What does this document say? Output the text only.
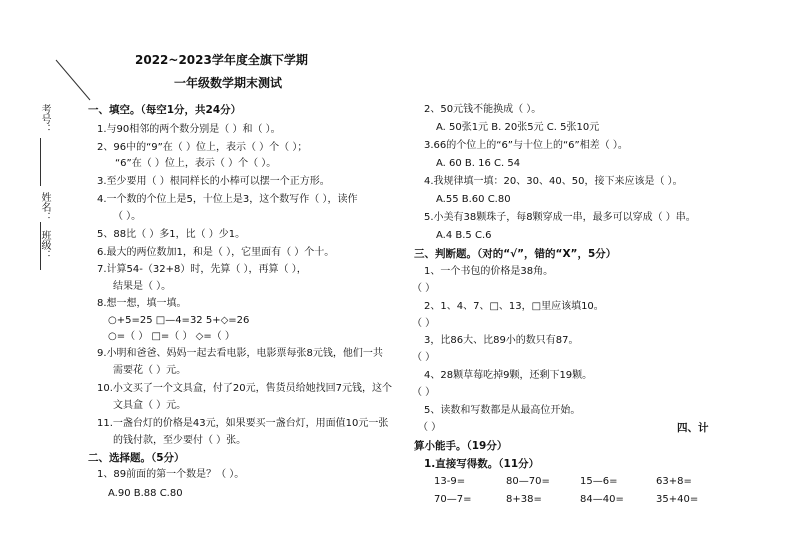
考号：
姓名：
班级：
2022~2023学年度全旗下学期
一年级数学期末测试
一、填空。（每空1分，共24分）
1.与90相邻的两个数分别是（ ）和（ ）。
2、96中的“9”在（ ）位上，表示（ ）个（ ）；
“6”在（ ）位上，表示（ ）个（ ）。
3.至少要用（ ）根同样长的小棒可以摆一个正方形。
4.一个数的个位上是5，十位上是3，这个数写作（ ），读作
（ ）。
5、88比（ ）多1，比（ ）少1。
6.最大的两位数加1，和是（ ），它里面有（ ）个十。
7.计算54-（32+8）时，先算（ ），再算（ ），
结果是（ ）。
8.想一想，填一填。
○+5=25 □—4=32 5+◇=26
○=（ ） □=（ ） ◇=（ ）
9.小明和爸爸、妈妈一起去看电影，电影票每张8元钱，他们一共
需要花（ ）元。
10.小文买了一个文具盒，付了20元，售货员给她找回7元钱，这个
文具盒（ ）元。
11.一盏台灯的价格是43元，如果要买一盏台灯，用面值10元一张
的钱付款，至少要付（ ）张。
二、选择题。（5分）
1、89前面的第一个数是？（ ）。
A.90 B.88 C.80
2、50元钱不能换成（ ）。
A. 50张1元 B. 20张5元 C. 5张10元
3.66的个位上的“6”与十位上的“6”相差（ ）。
A. 60 B. 16 C. 54
4.我规律填一填：20、30、40、50，接下来应该是（ ）。
A.55 B.60 C.80
5.小美有38颗珠子，每8颗穿成一串，最多可以穿成（ ）串。
A.4 B.5 C.6
三、判断题。（对的“√”，错的“X”，5分）
1、一个书包的价格是38角。
（ ）
2、1、4、7、□、13，□里应该填10。
（ ）
3，比86大、比89小的数只有87。
（ ）
4、28颗草莓吃掉9颗，还剩下19颗。
（ ）
5、读数和写数都是从最高位开始。
（ ）	四、计
算小能手。（19分）
1.直接写得数。（11分）
13-9=	80—70=	15—6=	63+8=
70—7=	8+38=	84—40=	35+40=
